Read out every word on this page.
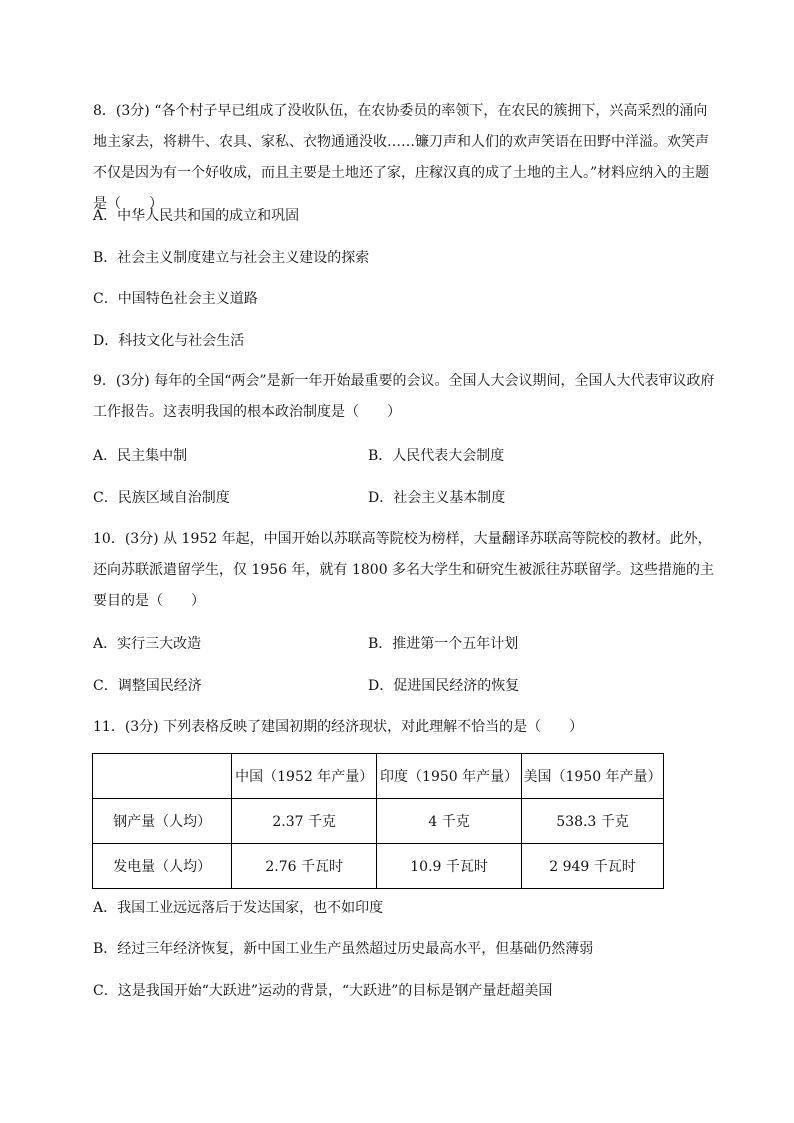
8．(3分) “各个村子早已组成了没收队伍，在农协委员的率领下，在农民的簇拥下，兴高采烈的涌向地主家去，将耕牛、农具、家私、衣物通通没收……镰刀声和人们的欢声笑语在田野中洋溢。欢笑声不仅是因为有一个好收成，而且主要是土地还了家，庄稼汉真的成了土地的主人。”材料应纳入的主题是（　　）
A．中华人民共和国的成立和巩固
B．社会主义制度建立与社会主义建设的探索
C．中国特色社会主义道路
D．科技文化与社会生活
9．(3分) 每年的全国“两会”是新一年开始最重要的会议。全国人大会议期间，全国人大代表审议政府工作报告。这表明我国的根本政治制度是（　　）
A．民主集中制	B．人民代表大会制度
C．民族区域自治制度	D．社会主义基本制度
10．(3分) 从 1952 年起，中国开始以苏联高等院校为榜样，大量翻译苏联高等院校的教材。此外，还向苏联派遣留学生，仅 1956 年，就有 1800 多名大学生和研究生被派往苏联留学。这些措施的主要目的是（　　）
A．实行三大改造	B．推进第一个五年计划
C．调整国民经济	D．促进国民经济的恢复
11．(3分) 下列表格反映了建国初期的经济现状，对此理解不恰当的是（　　）
	中国（1952 年产量）	印度（1950 年产量）	美国（1950 年产量）
钢产量（人均）	2.37 千克	4 千克	538.3 千克
发电量（人均）	2.76 千瓦时	10.9 千瓦时	2 949 千瓦时
A．我国工业远远落后于发达国家，也不如印度
B．经过三年经济恢复，新中国工业生产虽然超过历史最高水平，但基础仍然薄弱
C．这是我国开始“大跃进”运动的背景，“大跃进”的目标是钢产量赶超美国
